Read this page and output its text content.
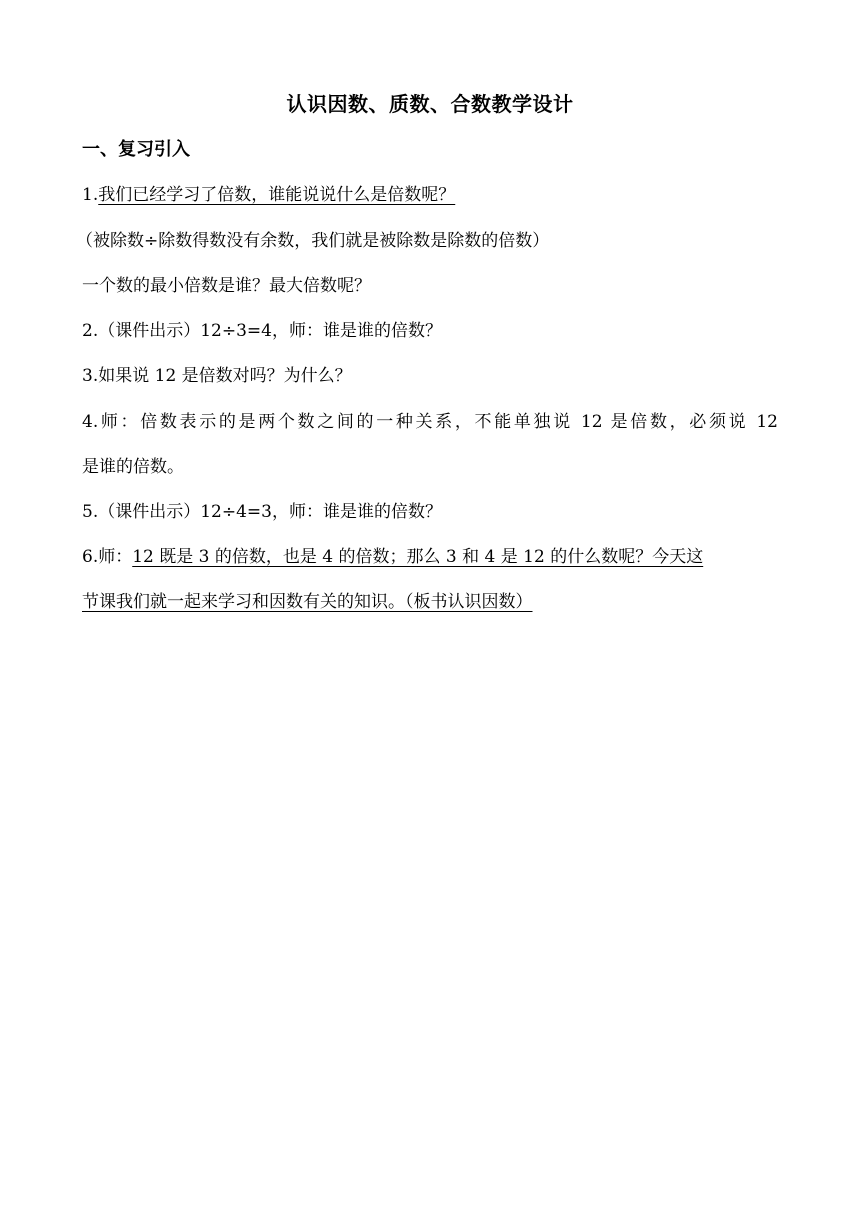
认识因数、质数、合数教学设计
一、复习引入
1.我们已经学习了倍数，谁能说说什么是倍数呢？
（被除数÷除数得数没有余数，我们就是被除数是除数的倍数）
一个数的最小倍数是谁？最大倍数呢？
2.（课件出示）12÷3=4，师：谁是谁的倍数？
3.如果说 12 是倍数对吗？为什么？
4.师：倍数表示的是两个数之间的一种关系，不能单独说 12 是倍数，必须说 12
是谁的倍数。
5.（课件出示）12÷4=3，师：谁是谁的倍数？
6.师：12 既是 3 的倍数，也是 4 的倍数；那么 3 和 4 是 12 的什么数呢？今天这
节课我们就一起来学习和因数有关的知识。（板书认识因数）
